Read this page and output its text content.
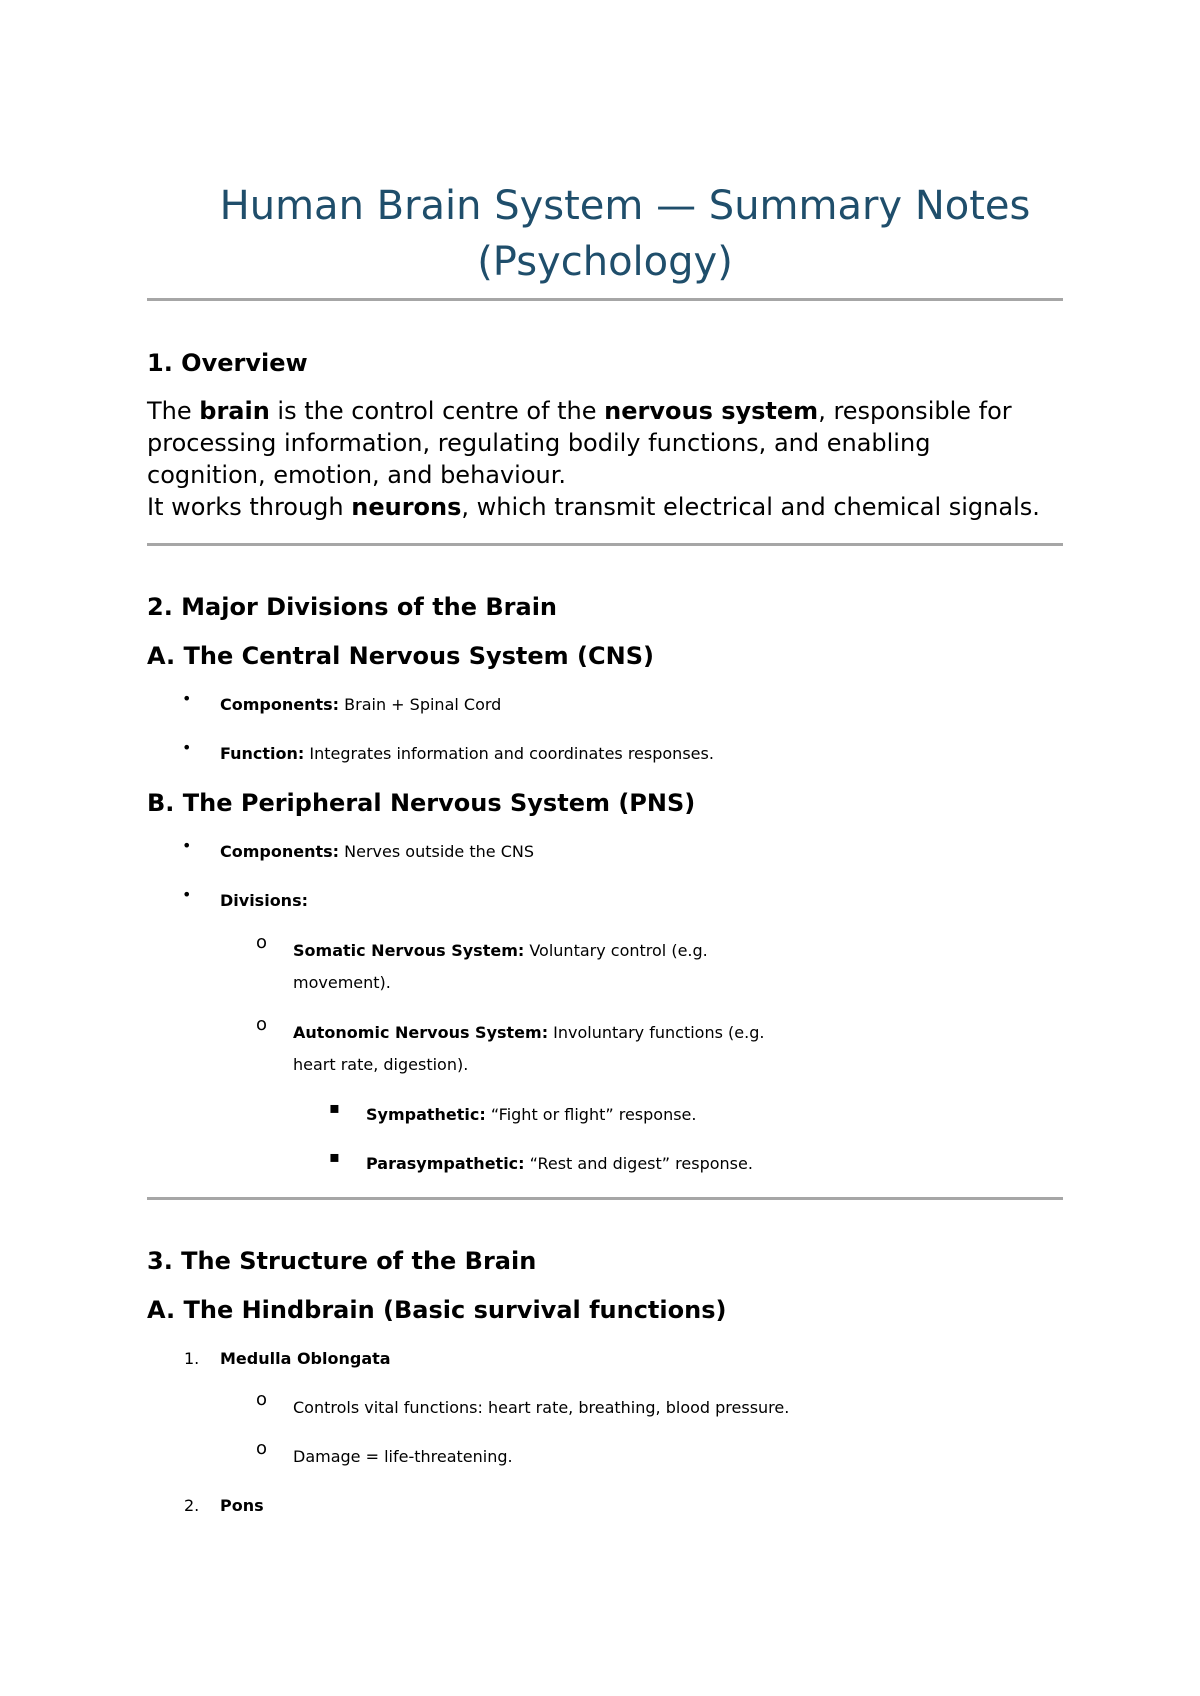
Human Brain System — Summary Notes
(Psychology)
1. Overview
The brain is the control centre of the nervous system, responsible for
processing information, regulating bodily functions, and enabling
cognition, emotion, and behaviour.
It works through neurons, which transmit electrical and chemical signals.
2. Major Divisions of the Brain
A. The Central Nervous System (CNS)
• Components: Brain + Spinal Cord
• Function: Integrates information and coordinates responses.
B. The Peripheral Nervous System (PNS)
• Components: Nerves outside the CNS
• Divisions:
o Somatic Nervous System: Voluntary control (e.g.
movement).
o Autonomic Nervous System: Involuntary functions (e.g.
heart rate, digestion).
▪ Sympathetic: “Fight or flight” response.
▪ Parasympathetic: “Rest and digest” response.
3. The Structure of the Brain
A. The Hindbrain (Basic survival functions)
1. Medulla Oblongata
o Controls vital functions: heart rate, breathing, blood pressure.
o Damage = life-threatening.
2. Pons
